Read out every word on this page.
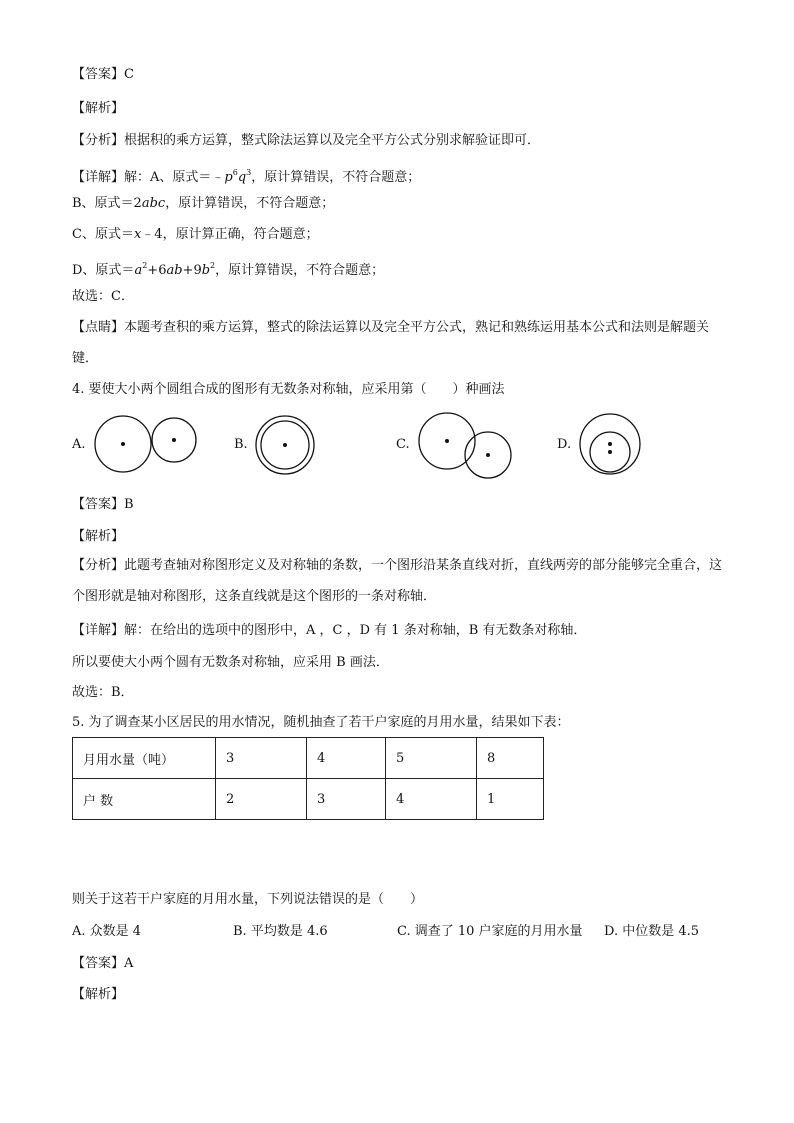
【答案】C
【解析】
【分析】根据积的乘方运算，整式除法运算以及完全平方公式分别求解验证即可．
【详解】解：A、原式$=﹣p^6q^3$，原计算错误，不符合题意；
B、原式＝2abc，原计算错误，不符合题意；
C、原式＝x﹣4，原计算正确，符合题意；
D、原式$=a^2+6ab+9b^2$，原计算错误，不符合题意；
故选：C．
【点睛】本题考查积的乘方运算，整式的除法运算以及完全平方公式，熟记和熟练运用基本公式和法则是解题关键．
4. 要使大小两个圆组合成的图形有无数条对称轴，应采用第（　　）种画法
A.	B.	C.	D.
【答案】B
【解析】
【分析】此题考查轴对称图形定义及对称轴的条数，一个图形沿某条直线对折，直线两旁的部分能够完全重合，这个图形就是轴对称图形，这条直线就是这个图形的一条对称轴．
【详解】解：在给出的选项中的图形中，A ，C ，D 有 1 条对称轴，B 有无数条对称轴．
所以要使大小两个圆有无数条对称轴，应采用 B 画法．
故选：B．
5. 为了调查某小区居民的用水情况，随机抽查了若干户家庭的月用水量，结果如下表：
月用水量（吨）	3	4	5	8
户 数	2	3	4	1
则关于这若干户家庭的月用水量，下列说法错误的是（　　）
A. 众数是 4	B. 平均数是 4.6	C. 调查了 10 户家庭的月用水量 D. 中位数是 4.5
【答案】A
【解析】
